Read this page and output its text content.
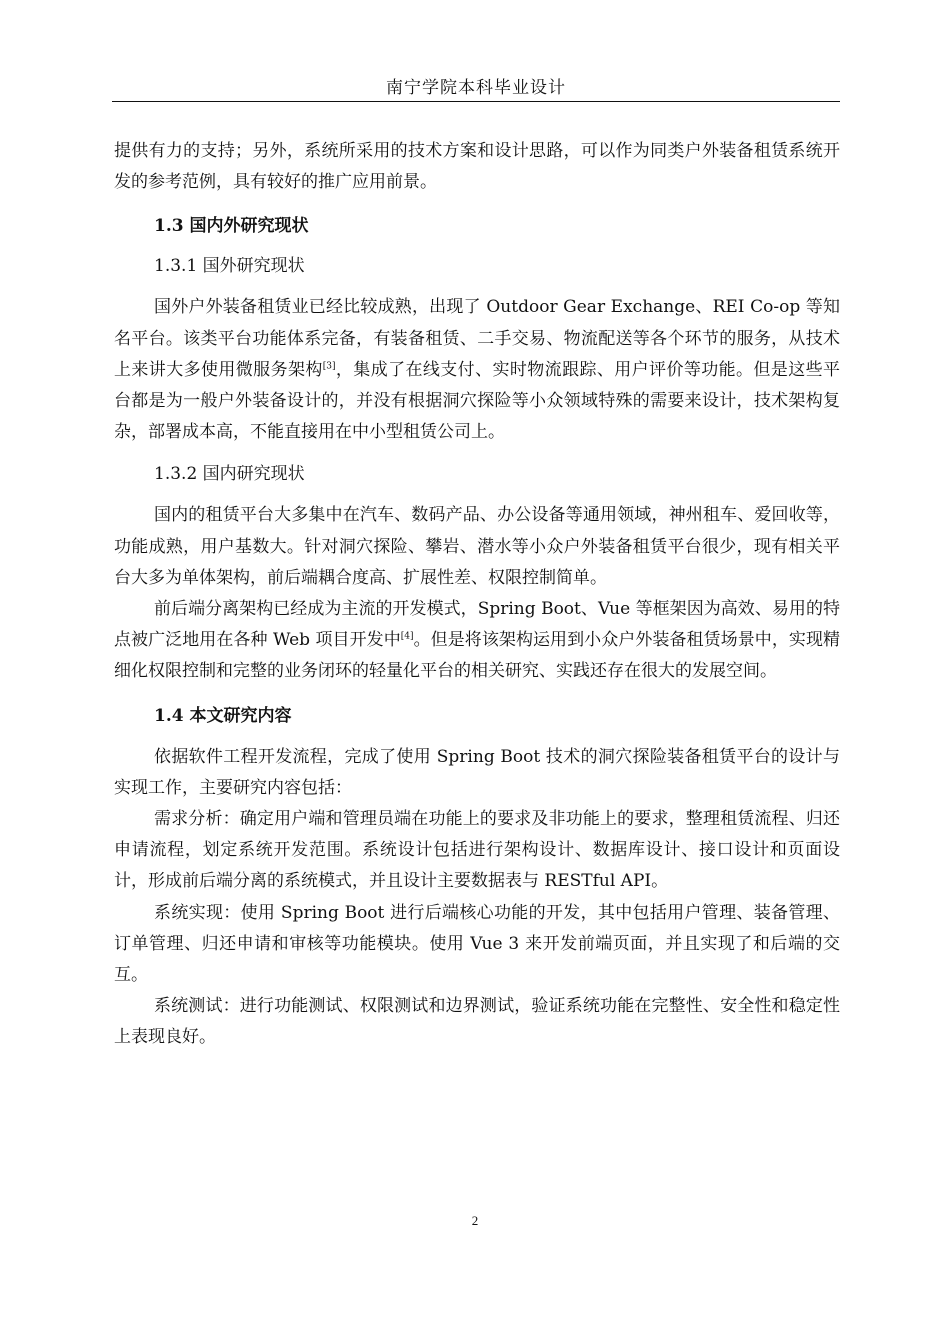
南宁学院本科毕业设计

提供有力的支持；另外，系统所采用的技术方案和设计思路，可以作为同类户外装备租赁系统开发的参考范例，具有较好的推广应用前景。

1.3 国内外研究现状
1.3.1 国外研究现状

国外户外装备租赁业已经比较成熟，出现了 Outdoor Gear Exchange、REI Co-op 等知名平台。该类平台功能体系完备，有装备租赁、二手交易、物流配送等各个环节的服务，从技术上来讲大多使用微服务架构[3]，集成了在线支付、实时物流跟踪、用户评价等功能。但是这些平台都是为一般户外装备设计的，并没有根据洞穴探险等小众领域特殊的需要来设计，技术架构复杂，部署成本高，不能直接用在中小型租赁公司上。

1.3.2 国内研究现状

国内的租赁平台大多集中在汽车、数码产品、办公设备等通用领域，神州租车、爱回收等，功能成熟，用户基数大。针对洞穴探险、攀岩、潜水等小众户外装备租赁平台很少，现有相关平台大多为单体架构，前后端耦合度高、扩展性差、权限控制简单。

前后端分离架构已经成为主流的开发模式，Spring Boot、Vue 等框架因为高效、易用的特点被广泛地用在各种 Web 项目开发中[4]。但是将该架构运用到小众户外装备租赁场景中，实现精细化权限控制和完整的业务闭环的轻量化平台的相关研究、实践还存在很大的发展空间。

1.4 本文研究内容

依据软件工程开发流程，完成了使用 Spring Boot 技术的洞穴探险装备租赁平台的设计与实现工作，主要研究内容包括：

需求分析：确定用户端和管理员端在功能上的要求及非功能上的要求，整理租赁流程、归还申请流程，划定系统开发范围。系统设计包括进行架构设计、数据库设计、接口设计和页面设计，形成前后端分离的系统模式，并且设计主要数据表与 RESTful API。

系统实现：使用 Spring Boot 进行后端核心功能的开发，其中包括用户管理、装备管理、订单管理、归还申请和审核等功能模块。使用 Vue 3 来开发前端页面，并且实现了和后端的交互。

系统测试：进行功能测试、权限测试和边界测试，验证系统功能在完整性、安全性和稳定性上表现良好。

2
